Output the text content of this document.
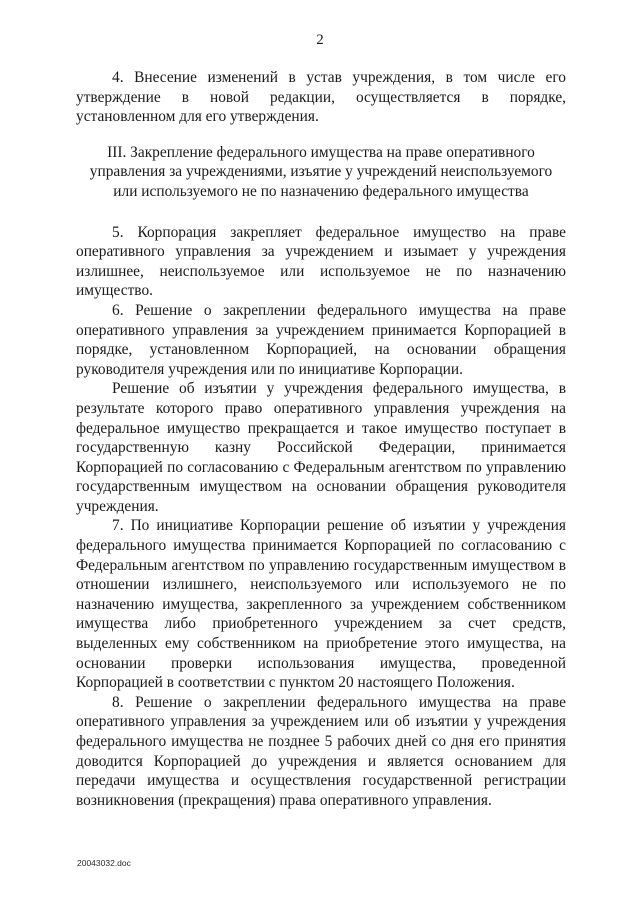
2

4. Внесение изменений в устав учреждения, в том числе его утверждение в новой редакции, осуществляется в порядке, установленном для его утверждения.

III. Закрепление федерального имущества на праве оперативного управления за учреждениями, изъятие у учреждений неиспользуемого или используемого не по назначению федерального имущества

5. Корпорация закрепляет федеральное имущество на праве оперативного управления за учреждением и изымает у учреждения излишнее, неиспользуемое или используемое не по назначению имущество.

6. Решение о закреплении федерального имущества на праве оперативного управления за учреждением принимается Корпорацией в порядке, установленном Корпорацией, на основании обращения руководителя учреждения или по инициативе Корпорации.

Решение об изъятии у учреждения федерального имущества, в результате которого право оперативного управления учреждения на федеральное имущество прекращается и такое имущество поступает в государственную казну Российской Федерации, принимается Корпорацией по согласованию с Федеральным агентством по управлению государственным имуществом на основании обращения руководителя учреждения.

7. По инициативе Корпорации решение об изъятии у учреждения федерального имущества принимается Корпорацией по согласованию с Федеральным агентством по управлению государственным имуществом в отношении излишнего, неиспользуемого или используемого не по назначению имущества, закрепленного за учреждением собственником имущества либо приобретенного учреждением за счет средств, выделенных ему собственником на приобретение этого имущества, на основании проверки использования имущества, проведенной Корпорацией в соответствии с пунктом 20 настоящего Положения.

8. Решение о закреплении федерального имущества на праве оперативного управления за учреждением или об изъятии у учреждения федерального имущества не позднее 5 рабочих дней со дня его принятия доводится Корпорацией до учреждения и является основанием для передачи имущества и осуществления государственной регистрации возникновения (прекращения) права оперативного управления.

20043032.doc
